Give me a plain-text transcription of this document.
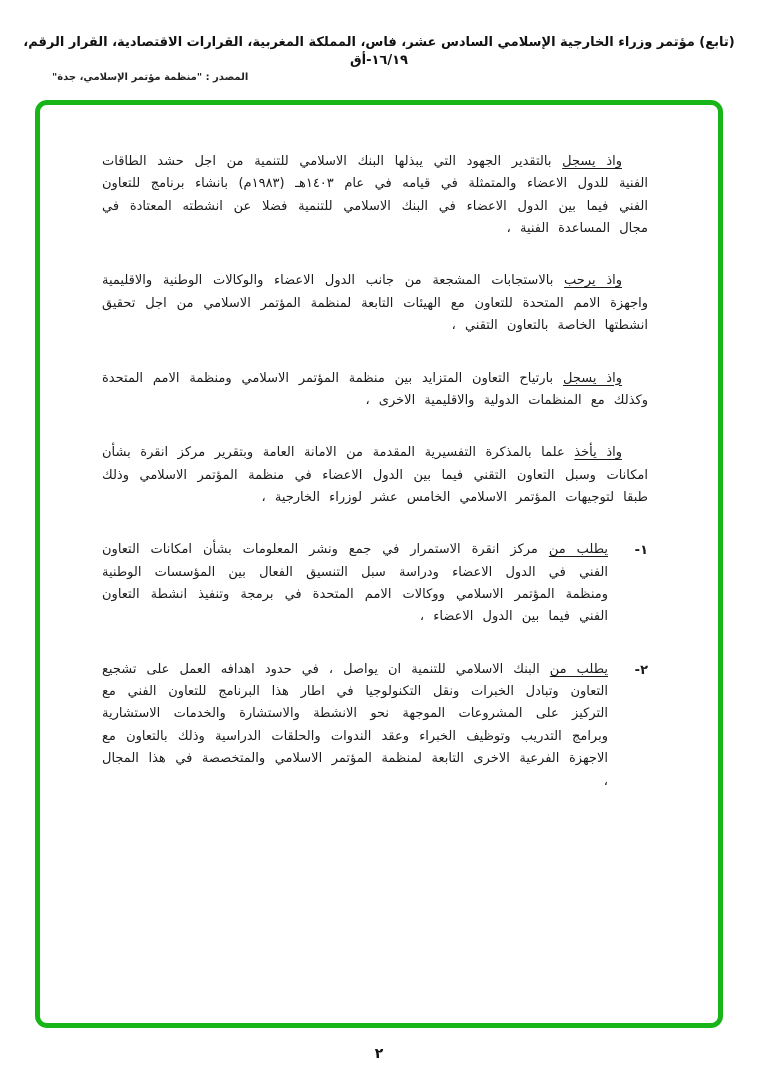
(تابع) مؤتمر وزراء الخارجية الإسلامي السادس عشر، فاس، المملكة المغربية، القرارات الاقتصادية، القرار الرقم، ١٦/١٩-أق
المصدر : "منظمة مؤتمر الإسلامي، جدة"

واذ يسجل بالتقدير الجهود التي يبذلها البنك الاسلامي للتنمية من اجل حشد الطاقات الفنية للدول الاعضاء والمتمثلة في قيامه في عام ١٤٠٣هـ (١٩٨٣م) بانشاء برنامج للتعاون الفني فيما بين الدول الاعضاء في البنك الاسلامي للتنمية فضلا عن انشطته المعتادة في مجال المساعدة الفنية ،

واذ يرحب بالاستجابات المشجعة من جانب الدول الاعضاء والوكالات الوطنية والاقليمية واجهزة الامم المتحدة للتعاون مع الهيئات التابعة لمنظمة المؤتمر الاسلامي من اجل تحقيق انشطتها الخاصة بالتعاون التقني ،

واذ يسجل بارتياح التعاون المتزايد بين منظمة المؤتمر الاسلامي ومنظمة الامم المتحدة وكذلك مع المنظمات الدولية والاقليمية الاخرى ،

واذ يأخذ علما بالمذكرة التفسيرية المقدمة من الامانة العامة وبتقرير مركز انقرة بشأن امكانات وسبل التعاون التقني فيما بين الدول الاعضاء في منظمة المؤتمر الاسلامي وذلك طبقا لتوجيهات المؤتمر الاسلامي الخامس عشر لوزراء الخارجية ،

١-

يطلب من مركز انقرة الاستمرار في جمع ونشر المعلومات بشأن امكانات التعاون الفني في الدول الاعضاء ودراسة سبل التنسيق الفعال بين المؤسسات الوطنية ومنظمة المؤتمر الاسلامي ووكالات الامم المتحدة في برمجة وتنفيذ انشطة التعاون الفني فيما بين الدول الاعضاء ،

٢-

يطلب من البنك الاسلامي للتنمية ان يواصل ، في حدود اهدافه العمل على تشجيع التعاون وتبادل الخبرات ونقل التكنولوجيا في اطار هذا البرنامج للتعاون الفني مع التركيز على المشروعات الموجهة نحو الانشطة والاستشارة والخدمات الاستشارية وبرامج التدريب وتوظيف الخبراء وعقد الندوات والحلقات الدراسية وذلك بالتعاون مع الاجهزة الفرعية الاخرى التابعة لمنظمة المؤتمر الاسلامي والمتخصصة في هذا المجال ،

٢
